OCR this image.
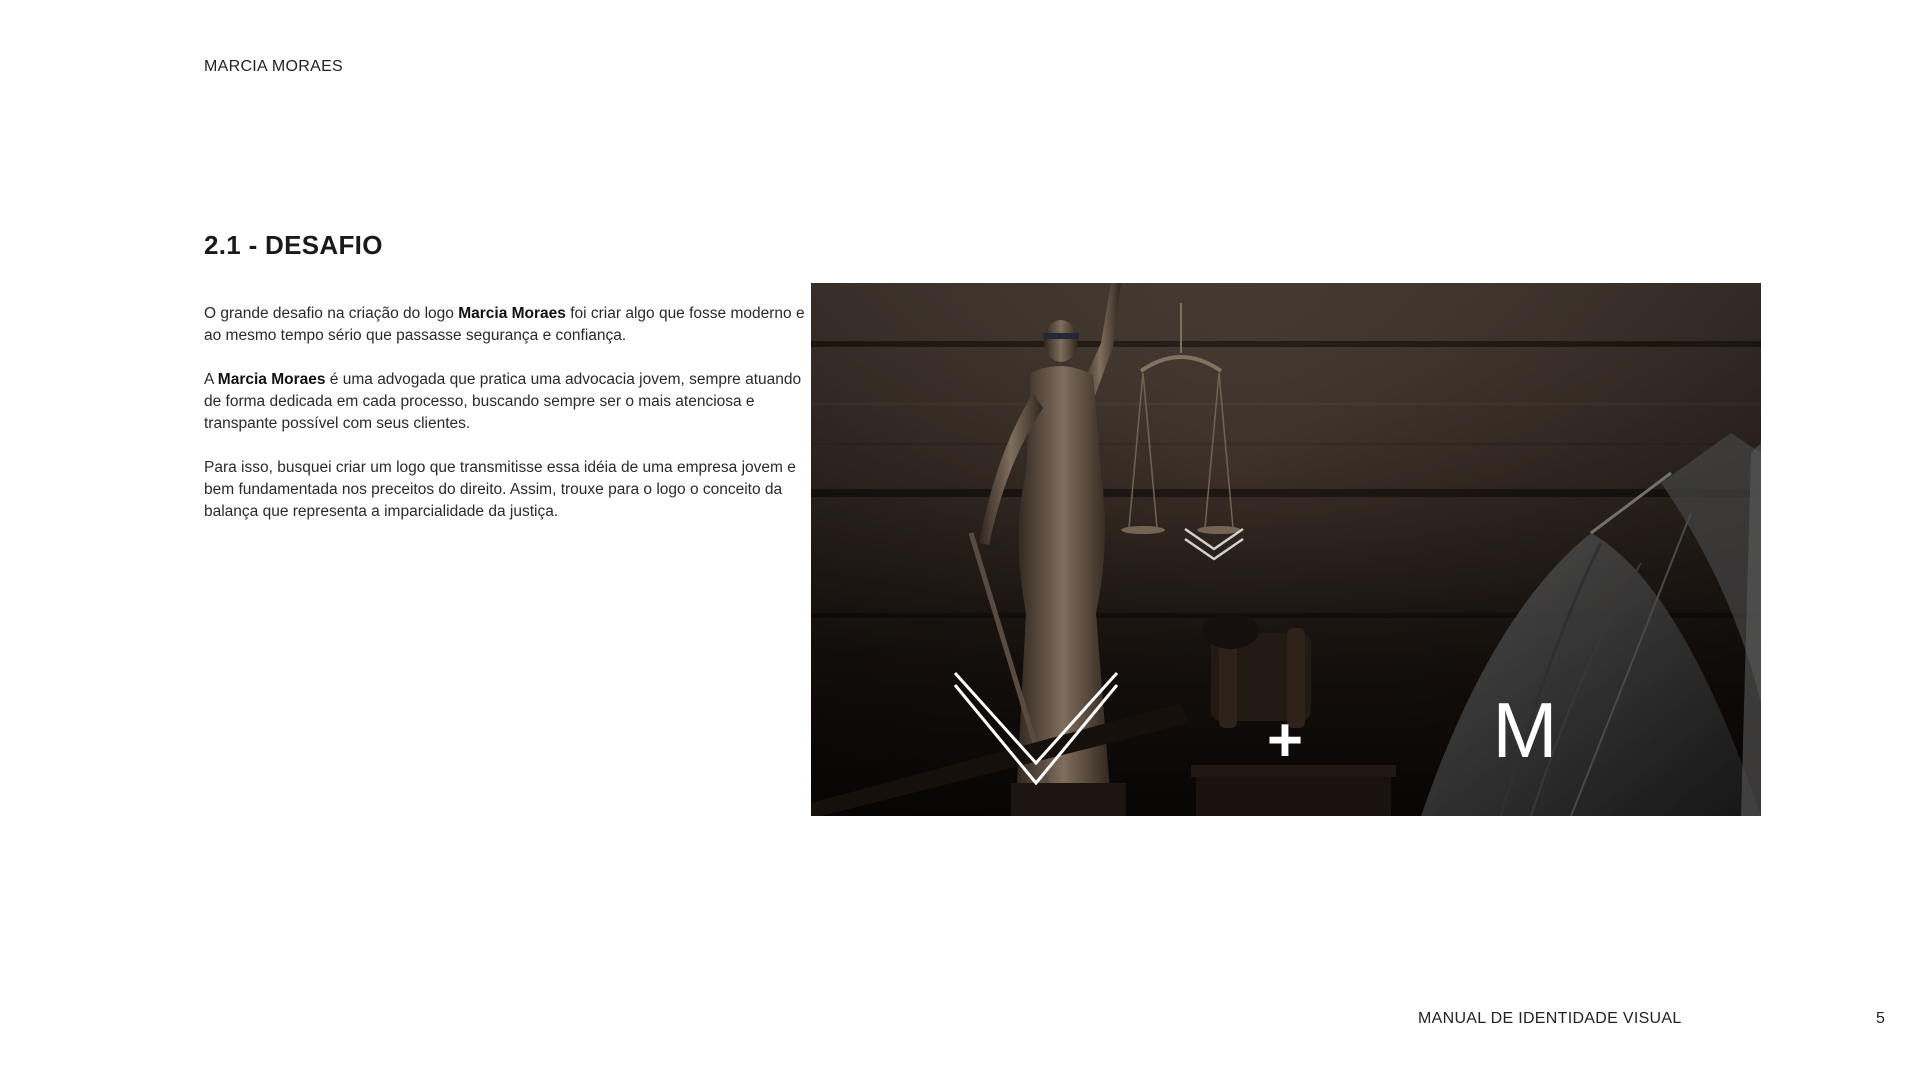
MARCIA MORAES
2.1 - DESAFIO

O grande desafio na criação do logo Marcia Moraes foi criar algo que fosse moderno e ao mesmo tempo sério que passasse segurança e confiança.

A Marcia Moraes é uma advogada que pratica uma advocacia jovem, sempre atuando de forma dedicada em cada processo, buscando sempre ser o mais atenciosa e transpante possível com seus clientes.

Para isso, busquei criar um logo que transmitisse essa idéia de uma empresa jovem e bem fundamentada nos preceitos do direito. Assim, trouxe para o logo o conceito da balança que representa a imparcialidade da justiça.

+ M
MANUAL DE IDENTIDADE VISUAL	5
